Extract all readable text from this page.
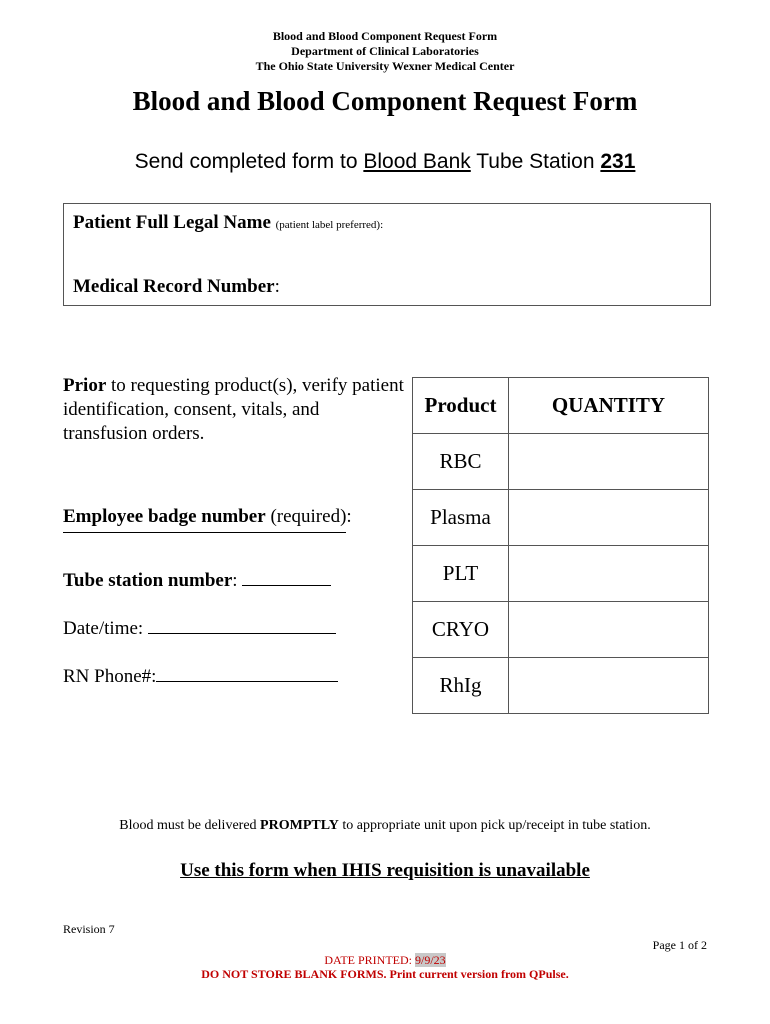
Blood and Blood Component Request Form
Department of Clinical Laboratories
The Ohio State University Wexner Medical Center
Blood and Blood Component Request Form
Send completed form to Blood Bank Tube Station 231
Patient Full Legal Name (patient label preferred):
Medical Record Number:
Prior to requesting product(s), verify patient identification, consent, vitals, and transfusion orders.
Employee badge number (required):
Tube station number:
Date/time:
RN Phone#:
Product	QUANTITY
RBC	
Plasma	
PLT	
CRYO	
RhIg	
Blood must be delivered PROMPTLY to appropriate unit upon pick up/receipt in tube station.
Use this form when IHIS requisition is unavailable
Revision 7
Page 1 of 2
DATE PRINTED: 9/9/23
DO NOT STORE BLANK FORMS. Print current version from QPulse.
